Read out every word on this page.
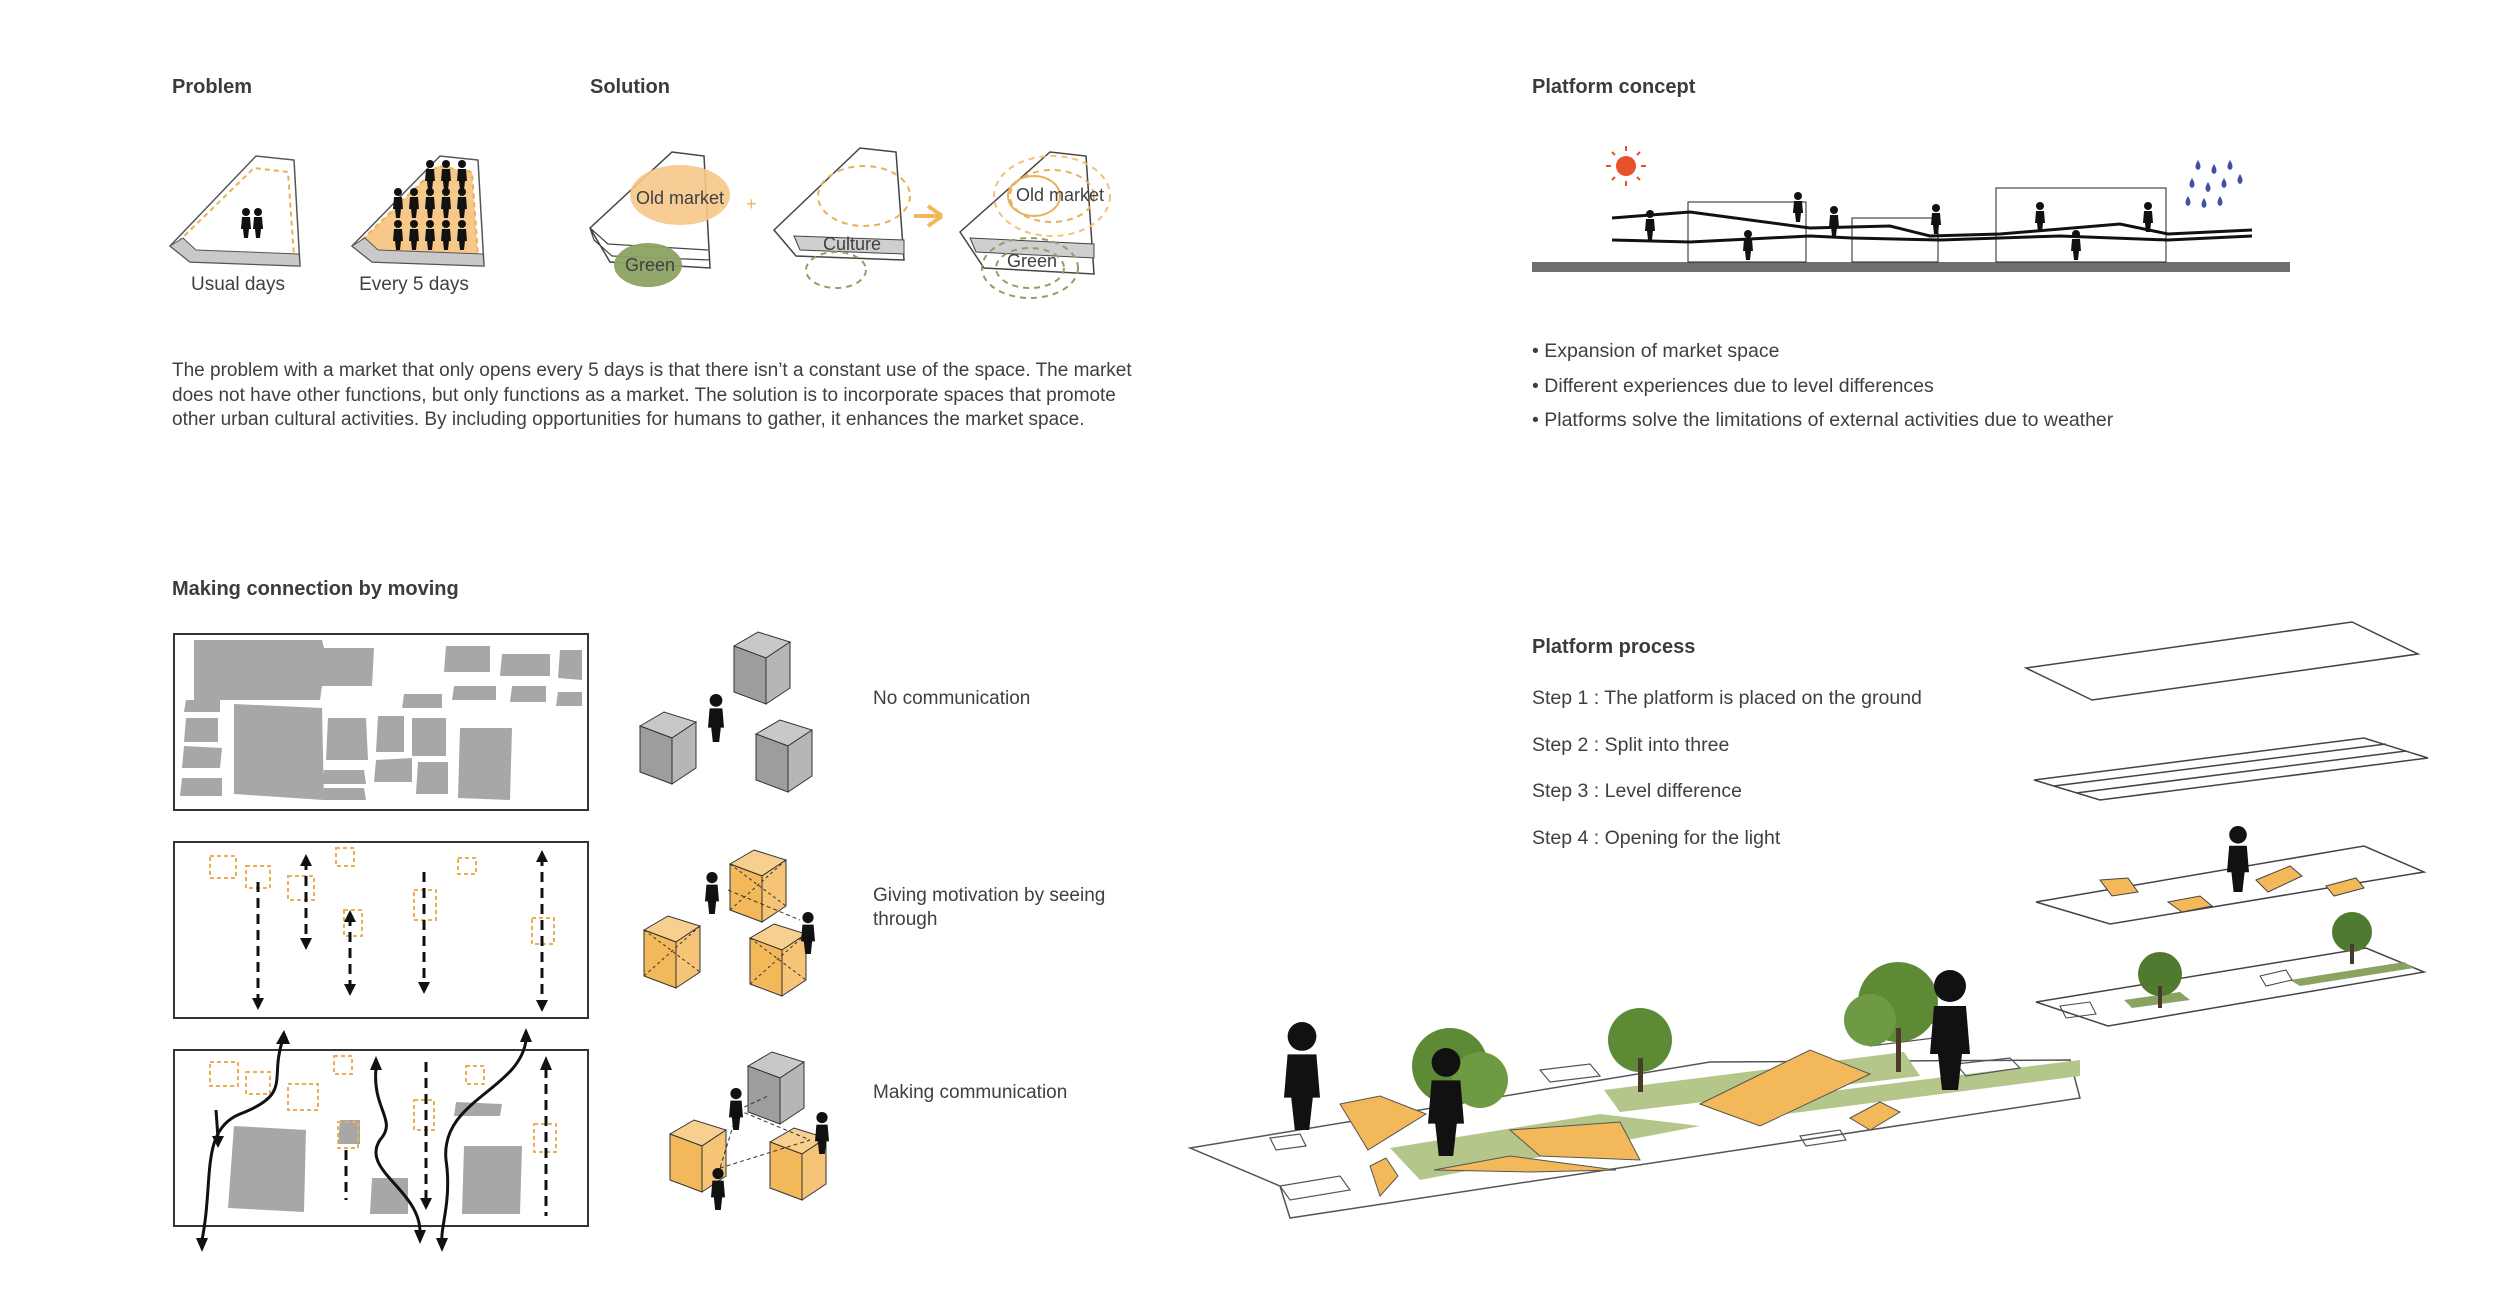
Problem	Solution	Platform concept
Making connection by moving
Platform process
The problem with a market that only opens every 5 days is that there isn’t a constant use of the space. The market does not have other functions, but only functions as a market. The solution is to incorporate spaces that promote other urban cultural activities. By including opportunities for humans to gather, it enhances the market space.
• Expansion of market space
• Different experiences due to level differences
• Platforms solve the limitations of external activities due to weather
Step 1 : The platform is placed on the ground
Step 2 : Split into three
Step 3 : Level difference
Step 4 : Opening for the light
No communication
Giving motivation by seeing through
Making communication
Usual days	Every 5 days
Old market
Green
+
Culture
Old market
Green
